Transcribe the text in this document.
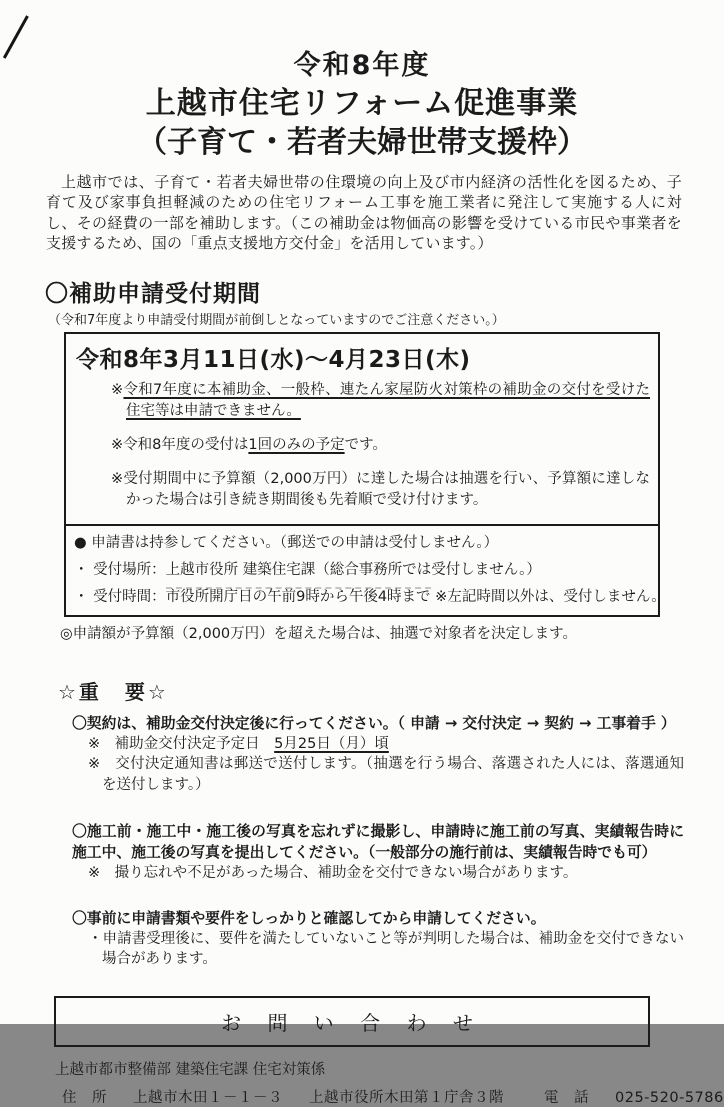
令和8年度
上越市住宅リフォーム促進事業
（子育て・若者夫婦世帯支援枠）

上越市では、子育て・若者夫婦世帯の住環境の向上及び市内経済の活性化を図るため、子育て及び家事負担軽減のための住宅リフォーム工事を施工業者に発注して実施する人に対し、その経費の一部を補助します。（この補助金は物価高の影響を受けている市民や事業者を支援するため、国の「重点支援地方交付金」を活用しています。）

〇補助申請受付期間
（令和7年度より申請受付期間が前倒しとなっていますのでご注意ください。）
令和8年3月11日(水)～4月23日(木)
※令和7年度に本補助金、一般枠、連たん家屋防火対策枠の補助金の交付を受けた住宅等は申請できません。
※令和8年度の受付は1回のみの予定です。
※受付期間中に予算額（2,000万円）に達した場合は抽選を行い、予算額に達しなかった場合は引き続き期間後も先着順で受け付けます。
● 申請書は持参してください。（郵送での申請は受付しません。）
・ 受付場所：上越市役所 建築住宅課（総合事務所では受付しません。）
・ 受付時間：市役所開庁日の午前9時から午後4時まで ※左記時間以外は、受付しません。
◎申請額が予算額（2,000万円）を超えた場合は、抽選で対象者を決定します。
☆重　要☆
〇契約は、補助金交付決定後に行ってください。（ 申請 → 交付決定 → 契約 → 工事着手 ）
※　補助金交付決定予定日　5月25日（月）頃
※　交付決定通知書は郵送で送付します。（抽選を行う場合、落選された人には、落選通知を送付します。）
〇施工前・施工中・施工後の写真を忘れずに撮影し、申請時に施工前の写真、実績報告時に施工中、施工後の写真を提出してください。（一般部分の施行前は、実績報告時でも可）
※　撮り忘れや不足があった場合、補助金を交付できない場合があります。
〇事前に申請書類や要件をしっかりと確認してから申請してください。
・申請書受理後に、要件を満たしていないこと等が判明した場合は、補助金を交付できない場合があります。
お 問 い 合 わ せ
上越市都市整備部 建築住宅課 住宅対策係
住　所 上越市木田１－１－３ 上越市役所木田第１庁舎３階	電　話 025-520-5786
